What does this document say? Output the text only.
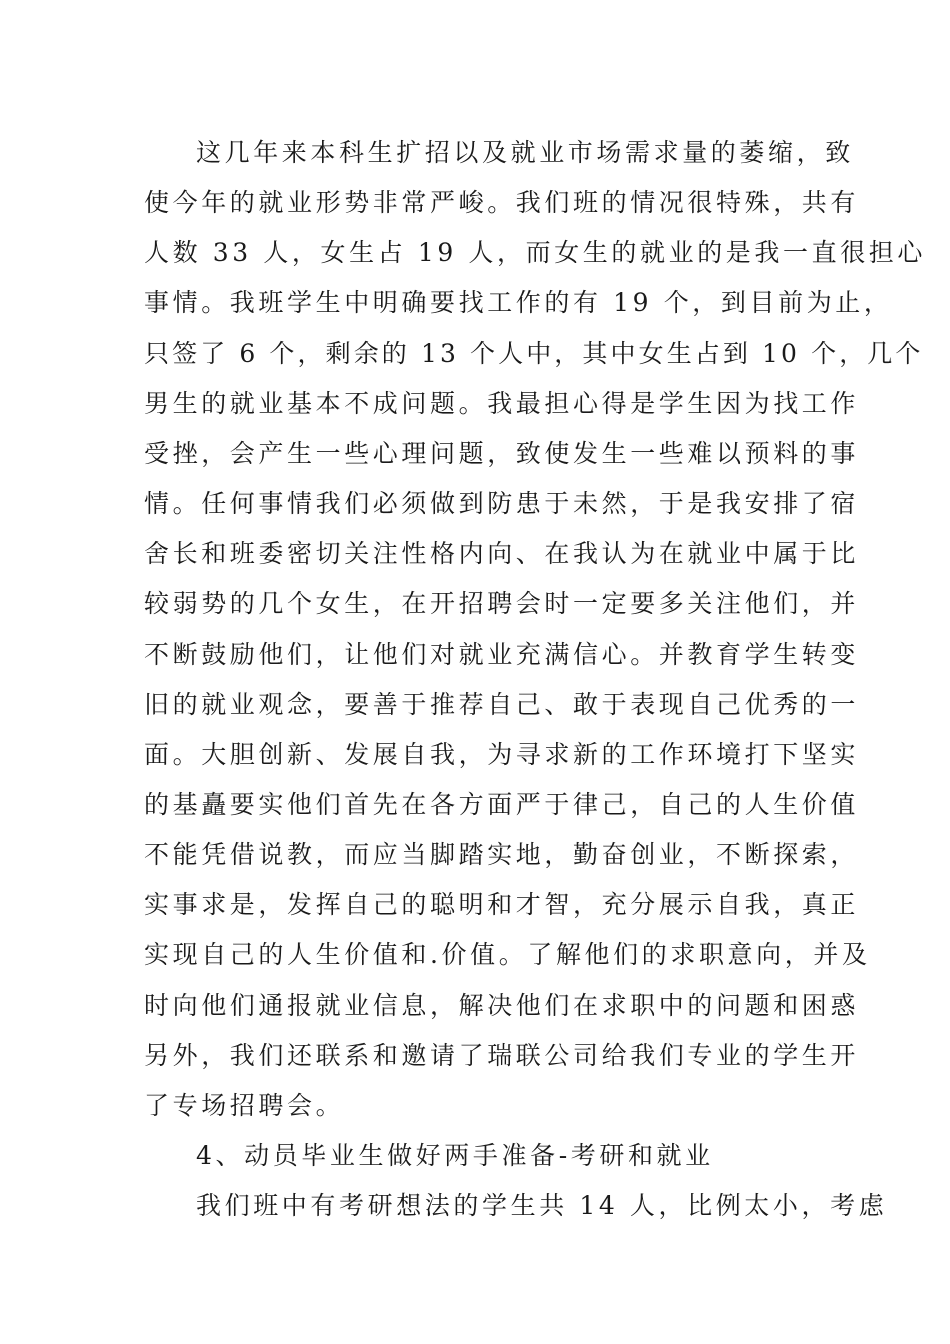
这几年来本科生扩招以及就业市场需求量的萎缩，致
使今年的就业形势非常严峻。我们班的情况很特殊，共有
人数 33 人，女生占 19 人，而女生的就业的是我一直很担心
事情。我班学生中明确要找工作的有 19 个，到目前为止，
只签了 6 个，剩余的 13 个人中，其中女生占到 10 个，几个
男生的就业基本不成问题。我最担心得是学生因为找工作
受挫，会产生一些心理问题，致使发生一些难以预料的事
情。任何事情我们必须做到防患于未然，于是我安排了宿
舍长和班委密切关注性格内向、在我认为在就业中属于比
较弱势的几个女生，在开招聘会时一定要多关注他们，并
不断鼓励他们，让他们对就业充满信心。并教育学生转变
旧的就业观念，要善于推荐自己、敢于表现自己优秀的一
面。大胆创新、发展自我，为寻求新的工作环境打下坚实
的基矗要实他们首先在各方面严于律己，自己的人生价值
不能凭借说教，而应当脚踏实地，勤奋创业，不断探索，
实事求是，发挥自己的聪明和才智，充分展示自我，真正
实现自己的人生价值和.价值。了解他们的求职意向，并及
时向他们通报就业信息，解决他们在求职中的问题和困惑
另外，我们还联系和邀请了瑞联公司给我们专业的学生开
了专场招聘会。
4、动员毕业生做好两手准备-考研和就业
我们班中有考研想法的学生共 14 人，比例太小，考虑
